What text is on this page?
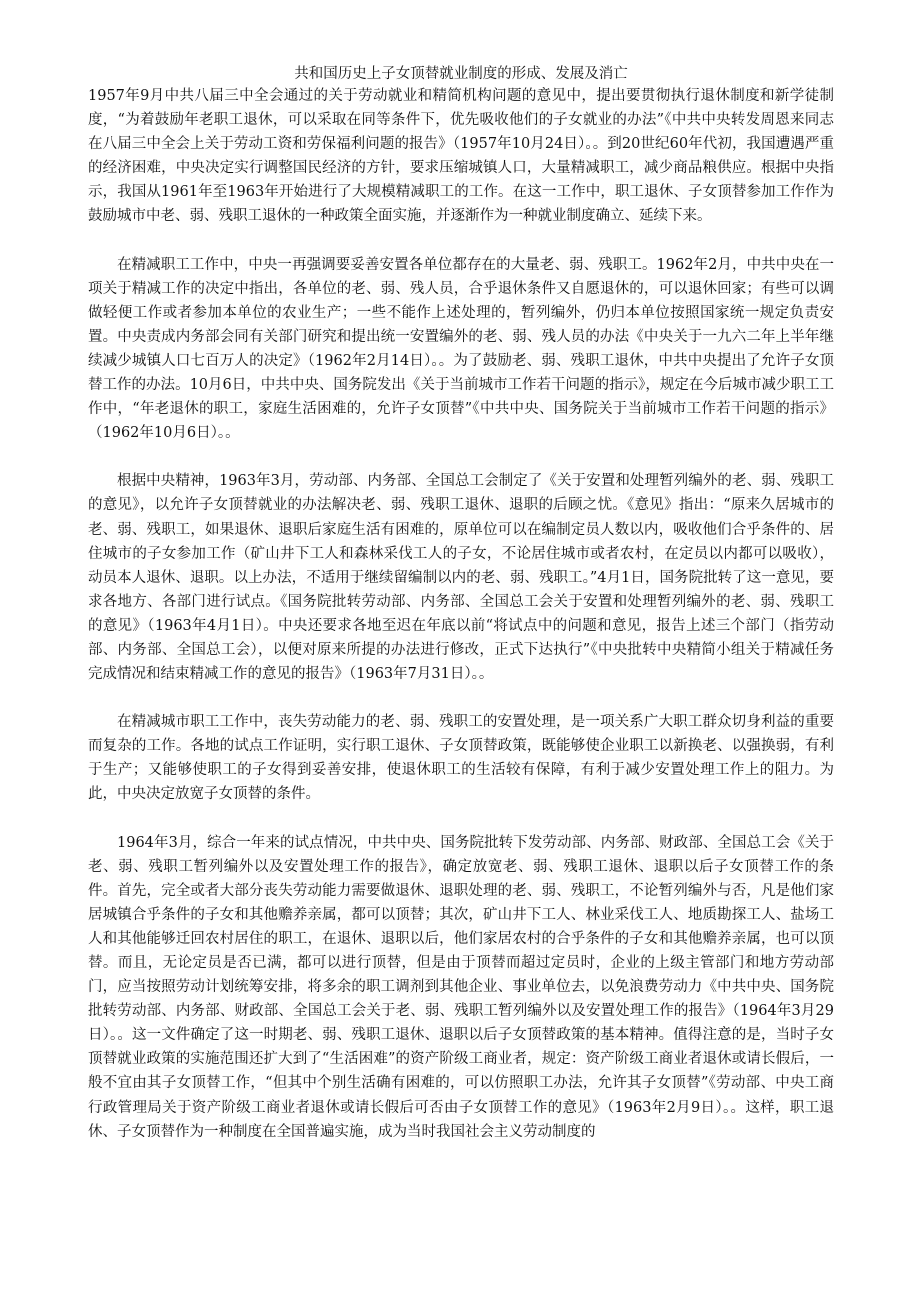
共和国历史上子女顶替就业制度的形成、发展及消亡

1957年9月中共八届三中全会通过的关于劳动就业和精简机构问题的意见中，提出要贯彻执行退休制度和新学徒制度，“为着鼓励年老职工退休，可以采取在同等条件下，优先吸收他们的子女就业的办法”《中共中央转发周恩来同志在八届三中全会上关于劳动工资和劳保福利问题的报告》（1957年10月24日）。。到20世纪60年代初，我国遭遇严重的经济困难，中央决定实行调整国民经济的方针，要求压缩城镇人口，大量精减职工，减少商品粮供应。根据中央指示，我国从1961年至1963年开始进行了大规模精减职工的工作。在这一工作中，职工退休、子女顶替参加工作作为鼓励城市中老、弱、残职工退休的一种政策全面实施，并逐渐作为一种就业制度确立、延续下来。

在精减职工工作中，中央一再强调要妥善安置各单位都存在的大量老、弱、残职工。1962年2月，中共中央在一项关于精减工作的决定中指出，各单位的老、弱、残人员，合乎退休条件又自愿退休的，可以退休回家；有些可以调做轻便工作或者参加本单位的农业生产；一些不能作上述处理的，暂列编外，仍归本单位按照国家统一规定负责安置。中央责成内务部会同有关部门研究和提出统一安置编外的老、弱、残人员的办法《中央关于一九六二年上半年继续减少城镇人口七百万人的决定》（1962年2月14日）。。为了鼓励老、弱、残职工退休，中共中央提出了允许子女顶替工作的办法。10月6日，中共中央、国务院发出《关于当前城市工作若干问题的指示》，规定在今后城市减少职工工作中，“年老退休的职工，家庭生活困难的，允许子女顶替”《中共中央、国务院关于当前城市工作若干问题的指示》（1962年10月6日）。。

根据中央精神，1963年3月，劳动部、内务部、全国总工会制定了《关于安置和处理暂列编外的老、弱、残职工的意见》，以允许子女顶替就业的办法解决老、弱、残职工退休、退职的后顾之忧。《意见》指出：“原来久居城市的老、弱、残职工，如果退休、退职后家庭生活有困难的，原单位可以在编制定员人数以内，吸收他们合乎条件的、居住城市的子女参加工作（矿山井下工人和森林采伐工人的子女，不论居住城市或者农村，在定员以内都可以吸收），动员本人退休、退职。以上办法，不适用于继续留编制以内的老、弱、残职工。”4月1日，国务院批转了这一意见，要求各地方、各部门进行试点。《国务院批转劳动部、内务部、全国总工会关于安置和处理暂列编外的老、弱、残职工的意见》（1963年4月1日）。中央还要求各地至迟在年底以前“将试点中的问题和意见，报告上述三个部门（指劳动部、内务部、全国总工会），以便对原来所提的办法进行修改，正式下达执行”《中央批转中央精简小组关于精减任务完成情况和结束精减工作的意见的报告》（1963年7月31日）。。

在精减城市职工工作中，丧失劳动能力的老、弱、残职工的安置处理，是一项关系广大职工群众切身利益的重要而复杂的工作。各地的试点工作证明，实行职工退休、子女顶替政策，既能够使企业职工以新换老、以强换弱，有利于生产；又能够使职工的子女得到妥善安排，使退休职工的生活较有保障，有利于减少安置处理工作上的阻力。为此，中央决定放宽子女顶替的条件。

1964年3月，综合一年来的试点情况，中共中央、国务院批转下发劳动部、内务部、财政部、全国总工会《关于老、弱、残职工暂列编外以及安置处理工作的报告》，确定放宽老、弱、残职工退休、退职以后子女顶替工作的条件。首先，完全或者大部分丧失劳动能力需要做退休、退职处理的老、弱、残职工，不论暂列编外与否，凡是他们家居城镇合乎条件的子女和其他赡养亲属，都可以顶替；其次，矿山井下工人、林业采伐工人、地质勘探工人、盐场工人和其他能够迁回农村居住的职工，在退休、退职以后，他们家居农村的合乎条件的子女和其他赡养亲属，也可以顶替。而且，无论定员是否已满，都可以进行顶替，但是由于顶替而超过定员时，企业的上级主管部门和地方劳动部门，应当按照劳动计划统筹安排，将多余的职工调剂到其他企业、事业单位去，以免浪费劳动力《中共中央、国务院批转劳动部、内务部、财政部、全国总工会关于老、弱、残职工暂列编外以及安置处理工作的报告》（1964年3月29日）。。这一文件确定了这一时期老、弱、残职工退休、退职以后子女顶替政策的基本精神。值得注意的是，当时子女顶替就业政策的实施范围还扩大到了“生活困难”的资产阶级工商业者，规定：资产阶级工商业者退休或请长假后，一般不宜由其子女顶替工作，“但其中个别生活确有困难的，可以仿照职工办法，允许其子女顶替”《劳动部、中央工商行政管理局关于资产阶级工商业者退休或请长假后可否由子女顶替工作的意见》（1963年2月9日）。。这样，职工退休、子女顶替作为一种制度在全国普遍实施，成为当时我国社会主义劳动制度的
